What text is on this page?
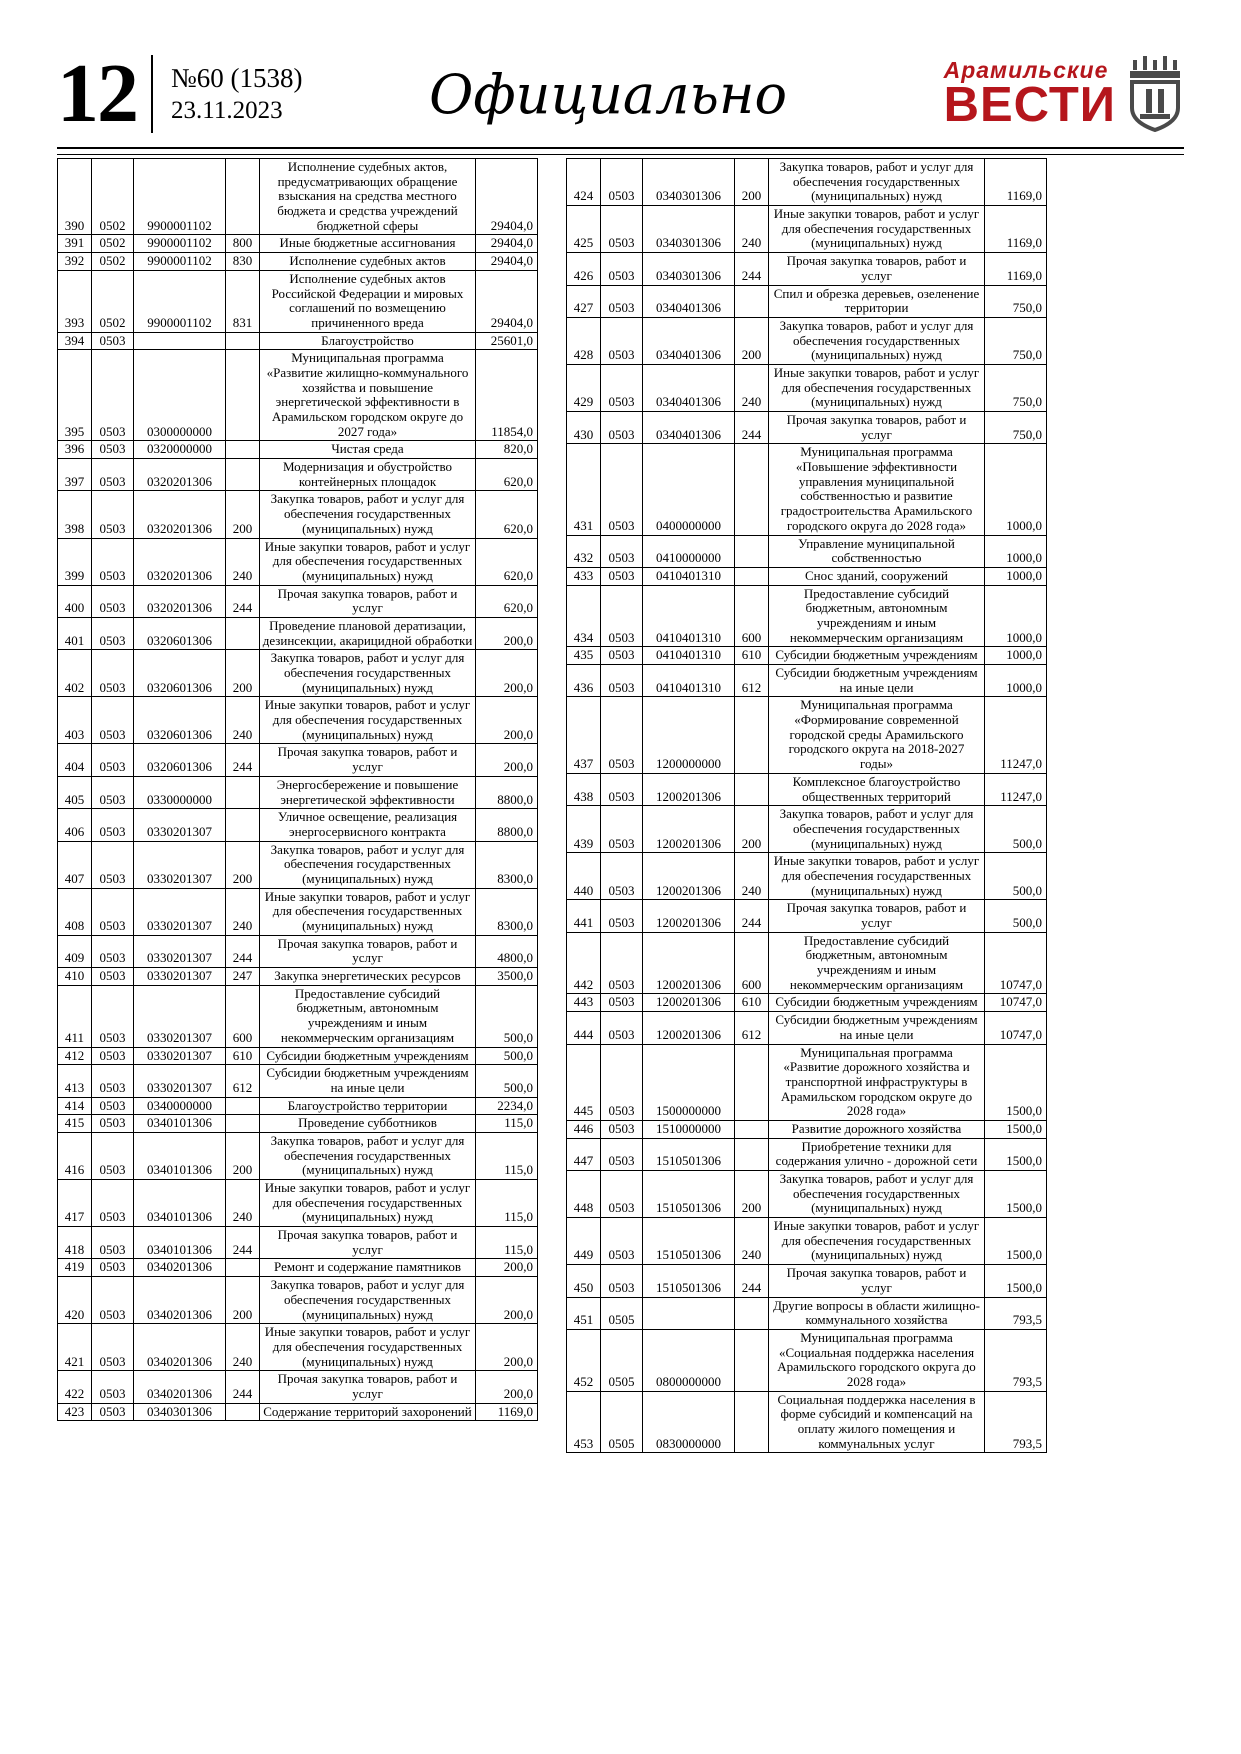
12 №60 (1538)
23.11.2023	Официально	Арамильские
ВЕСТИ
390	0502	9900001102		Исполнение судебных актов, предусматривающих обращение взыскания на средства местного бюджета и средства учреждений бюджетной сферы	29404,0
391	0502	9900001102	800	Иные бюджетные ассигнования	29404,0
392	0502	9900001102	830	Исполнение судебных актов	29404,0
393	0502	9900001102	831	Исполнение судебных актов Российской Федерации и мировых соглашений по возмещению причиненного вреда	29404,0
394	0503			Благоустройство	25601,0
395	0503	0300000000		Муниципальная программа «Развитие жилищно-коммунального хозяйства и повышение энергетической эффективности в Арамильском городском округе до 2027 года»	11854,0
396	0503	0320000000		Чистая среда	820,0
397	0503	0320201306		Модернизация и обустройство контейнерных площадок	620,0
398	0503	0320201306	200	Закупка товаров, работ и услуг для обеспечения государственных (муниципальных) нужд	620,0
399	0503	0320201306	240	Иные закупки товаров, работ и услуг для обеспечения государственных (муниципальных) нужд	620,0
400	0503	0320201306	244	Прочая закупка товаров, работ и услуг	620,0
401	0503	0320601306		Проведение плановой дератизации, дезинсекции, акарицидной обработки	200,0
402	0503	0320601306	200	Закупка товаров, работ и услуг для обеспечения государственных (муниципальных) нужд	200,0
403	0503	0320601306	240	Иные закупки товаров, работ и услуг для обеспечения государственных (муниципальных) нужд	200,0
404	0503	0320601306	244	Прочая закупка товаров, работ и услуг	200,0
405	0503	0330000000		Энергосбережение и повышение энергетической эффективности	8800,0
406	0503	0330201307		Уличное освещение, реализация энергосервисного контракта	8800,0
407	0503	0330201307	200	Закупка товаров, работ и услуг для обеспечения государственных (муниципальных) нужд	8300,0
408	0503	0330201307	240	Иные закупки товаров, работ и услуг для обеспечения государственных (муниципальных) нужд	8300,0
409	0503	0330201307	244	Прочая закупка товаров, работ и услуг	4800,0
410	0503	0330201307	247	Закупка энергетических ресурсов	3500,0
411	0503	0330201307	600	Предоставление субсидий бюджетным, автономным учреждениям и иным некоммерческим организациям	500,0
412	0503	0330201307	610	Субсидии бюджетным учреждениям	500,0
413	0503	0330201307	612	Субсидии бюджетным учреждениям на иные цели	500,0
414	0503	0340000000		Благоустройство территории	2234,0
415	0503	0340101306		Проведение субботников	115,0
416	0503	0340101306	200	Закупка товаров, работ и услуг для обеспечения государственных (муниципальных) нужд	115,0
417	0503	0340101306	240	Иные закупки товаров, работ и услуг для обеспечения государственных (муниципальных) нужд	115,0
418	0503	0340101306	244	Прочая закупка товаров, работ и услуг	115,0
419	0503	0340201306		Ремонт и содержание памятников	200,0
420	0503	0340201306	200	Закупка товаров, работ и услуг для обеспечения государственных (муниципальных) нужд	200,0
421	0503	0340201306	240	Иные закупки товаров, работ и услуг для обеспечения государственных (муниципальных) нужд	200,0
422	0503	0340201306	244	Прочая закупка товаров, работ и услуг	200,0
423	0503	0340301306		Содержание территорий захоронений	1169,0
424	0503	0340301306	200	Закупка товаров, работ и услуг для обеспечения государственных (муниципальных) нужд	1169,0
425	0503	0340301306	240	Иные закупки товаров, работ и услуг для обеспечения государственных (муниципальных) нужд	1169,0
426	0503	0340301306	244	Прочая закупка товаров, работ и услуг	1169,0
427	0503	0340401306		Спил и обрезка деревьев, озеленение территории	750,0
428	0503	0340401306	200	Закупка товаров, работ и услуг для обеспечения государственных (муниципальных) нужд	750,0
429	0503	0340401306	240	Иные закупки товаров, работ и услуг для обеспечения государственных (муниципальных) нужд	750,0
430	0503	0340401306	244	Прочая закупка товаров, работ и услуг	750,0
431	0503	0400000000		Муниципальная программа «Повышение эффективности управления муниципальной собственностью и развитие градостроительства Арамильского городского округа до 2028 года»	1000,0
432	0503	0410000000		Управление муниципальной собственностью	1000,0
433	0503	0410401310		Снос зданий, сооружений	1000,0
434	0503	0410401310	600	Предоставление субсидий бюджетным, автономным учреждениям и иным некоммерческим организациям	1000,0
435	0503	0410401310	610	Субсидии бюджетным учреждениям	1000,0
436	0503	0410401310	612	Субсидии бюджетным учреждениям на иные цели	1000,0
437	0503	1200000000		Муниципальная программа «Формирование современной городской среды Арамильского городского округа на 2018-2027 годы»	11247,0
438	0503	1200201306		Комплексное благоустройство общественных территорий	11247,0
439	0503	1200201306	200	Закупка товаров, работ и услуг для обеспечения государственных (муниципальных) нужд	500,0
440	0503	1200201306	240	Иные закупки товаров, работ и услуг для обеспечения государственных (муниципальных) нужд	500,0
441	0503	1200201306	244	Прочая закупка товаров, работ и услуг	500,0
442	0503	1200201306	600	Предоставление субсидий бюджетным, автономным учреждениям и иным некоммерческим организациям	10747,0
443	0503	1200201306	610	Субсидии бюджетным учреждениям	10747,0
444	0503	1200201306	612	Субсидии бюджетным учреждениям на иные цели	10747,0
445	0503	1500000000		Муниципальная программа «Развитие дорожного хозяйства и транспортной инфраструктуры в Арамильском городском округе до 2028 года»	1500,0
446	0503	1510000000		Развитие дорожного хозяйства	1500,0
447	0503	1510501306		Приобретение техники для содержания улично - дорожной сети	1500,0
448	0503	1510501306	200	Закупка товаров, работ и услуг для обеспечения государственных (муниципальных) нужд	1500,0
449	0503	1510501306	240	Иные закупки товаров, работ и услуг для обеспечения государственных (муниципальных) нужд	1500,0
450	0503	1510501306	244	Прочая закупка товаров, работ и услуг	1500,0
451	0505			Другие вопросы в области жилищно-коммунального хозяйства	793,5
452	0505	0800000000		Муниципальная программа «Социальная поддержка населения Арамильского городского округа до 2028 года»	793,5
453	0505	0830000000		Социальная поддержка населения в форме субсидий и компенсаций на оплату жилого помещения и коммунальных услуг	793,5
